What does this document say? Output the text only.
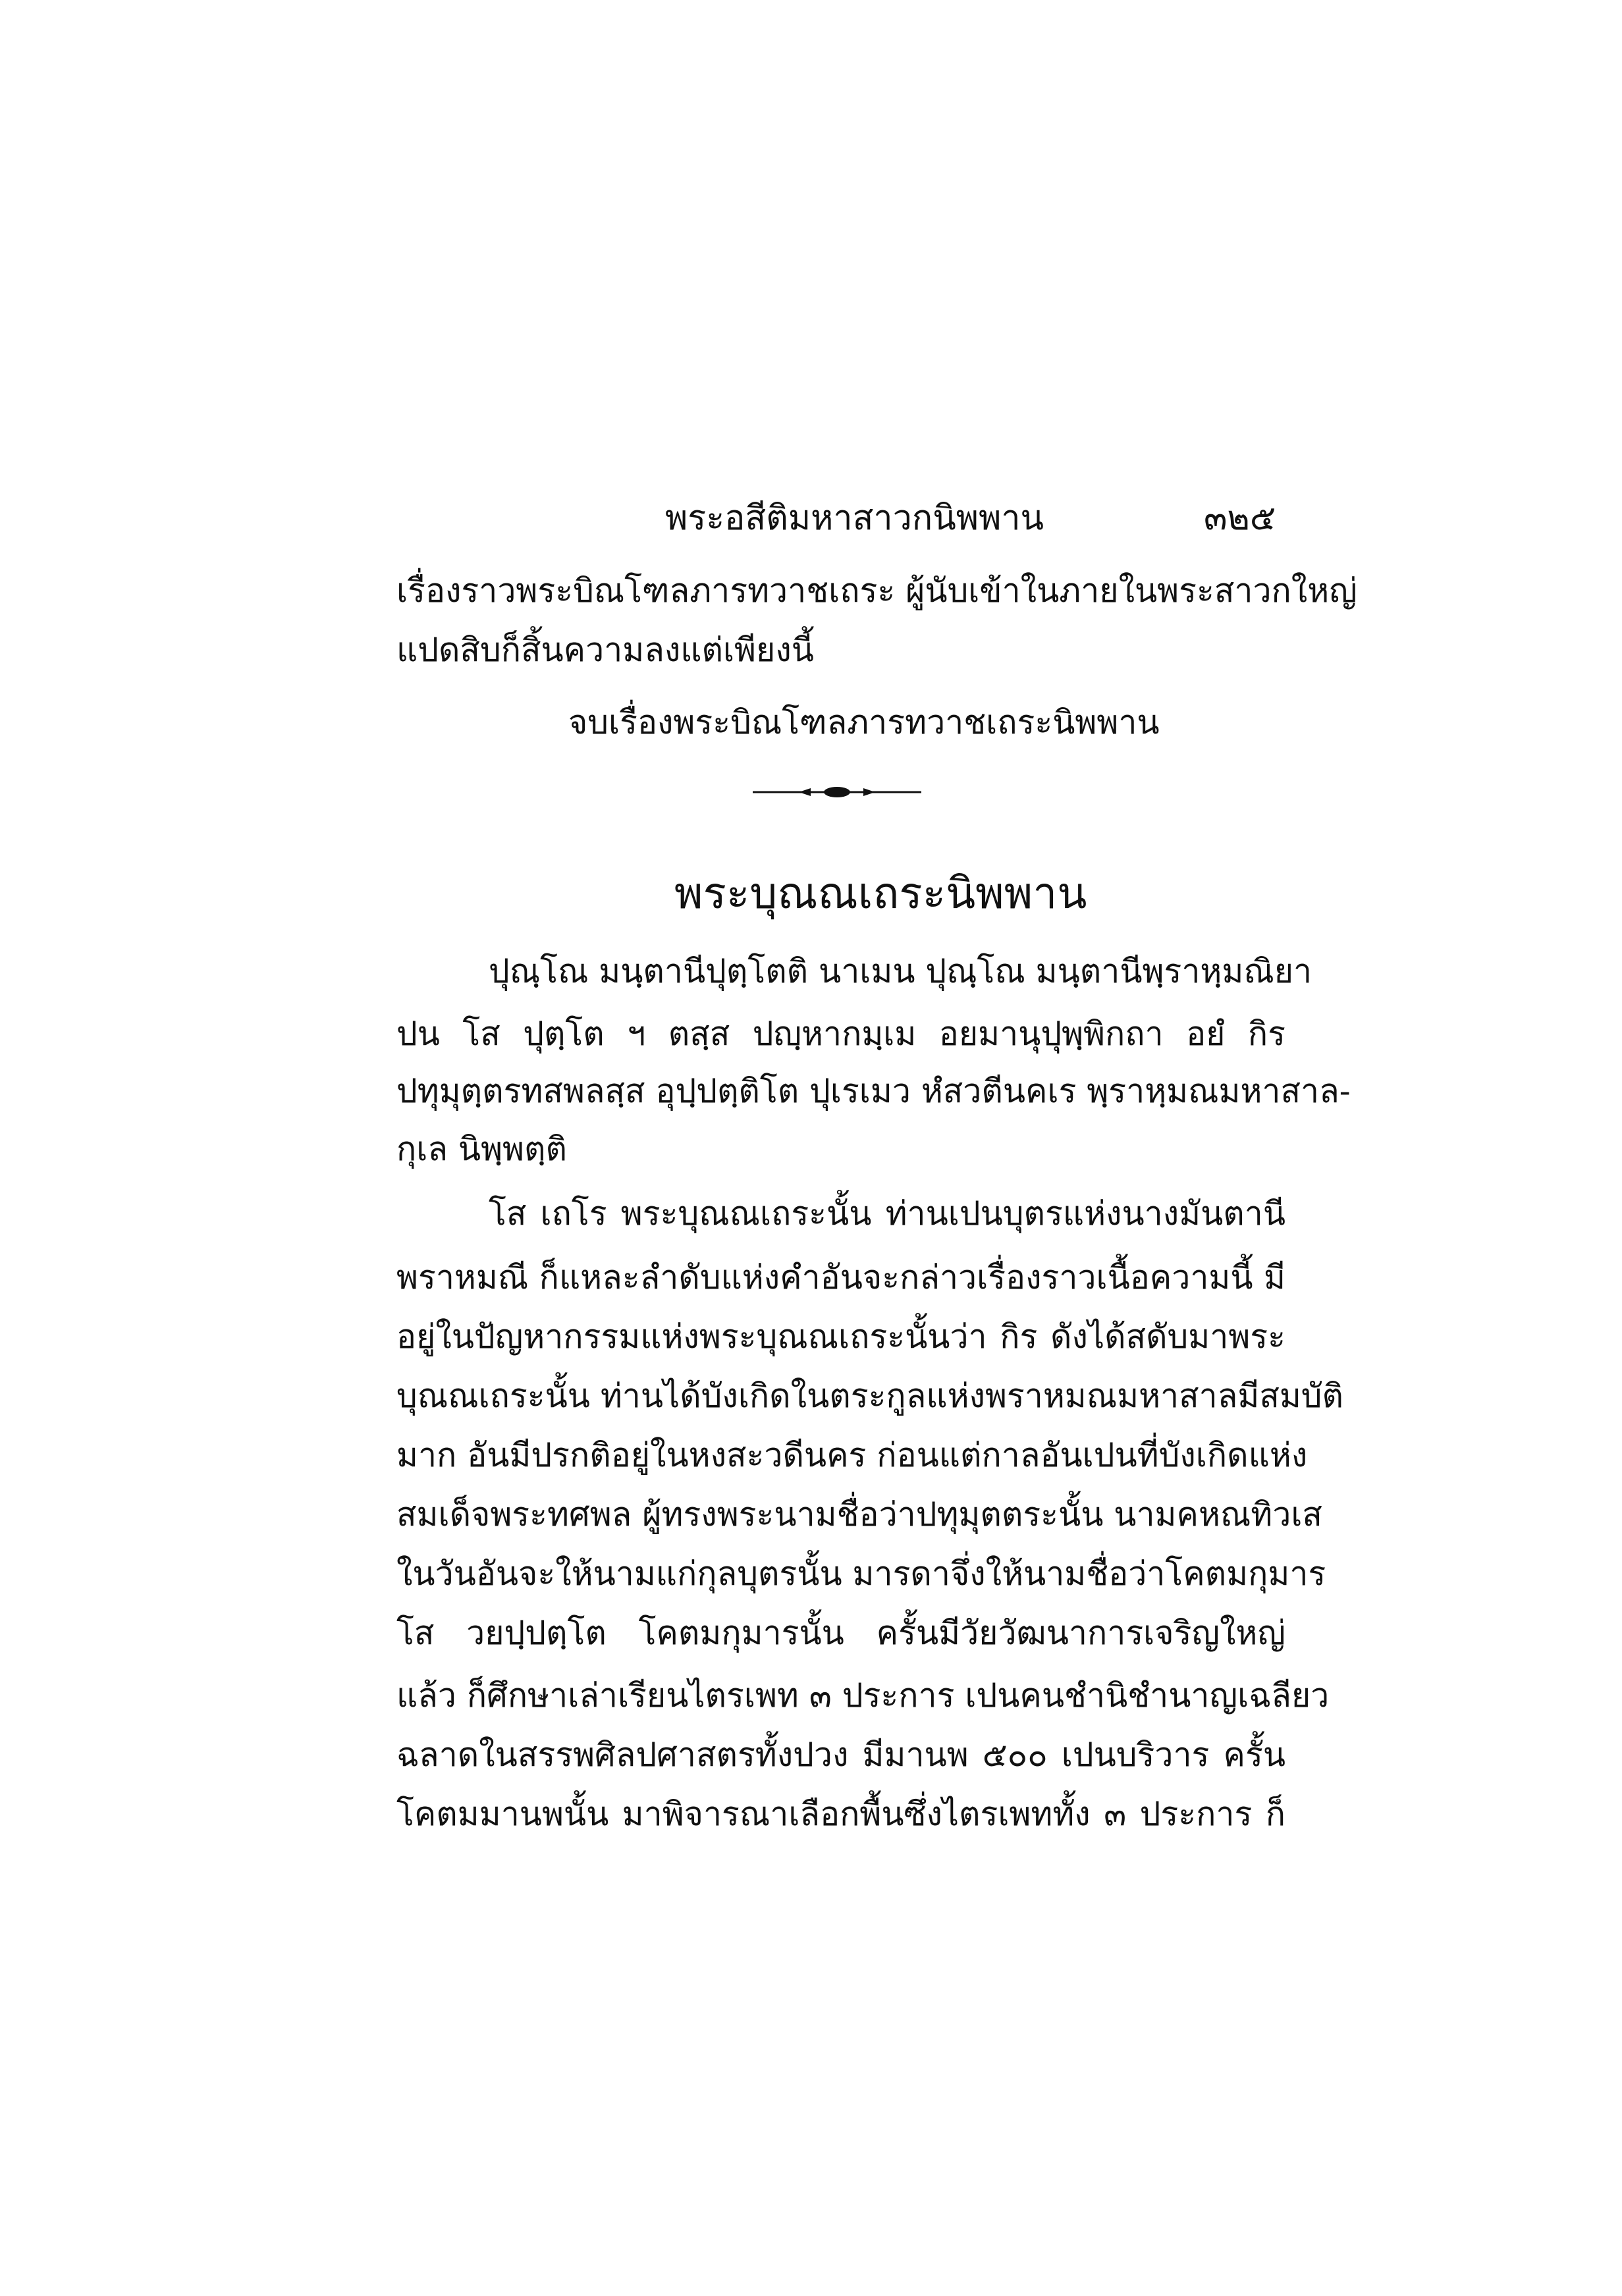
พระอสีติมหาสาวกนิพพาน	๓๒๕
เรื่องราวพระบิณโฑลภารทวาชเถระ ผู้นับเข้าในภายในพระสาวกใหญ่
แปดสิบก็สิ้นความลงแต่เพียงนี้
จบเรื่องพระบิณโฑลภารทวาชเถระนิพพาน
พระบุณณเถระนิพพาน
ปุณฺโณ มนฺตานีปุตฺโตติ นาเมน ปุณฺโณ มนฺตานีพฺราหฺมณิยา
ปน โส ปุตฺโต ฯ ตสฺส ปญฺหากมฺเม อยมานุปุพฺพิกถา อยํ กิร
ปทุมุตฺตรทสพลสฺส อุปฺปตฺติโต ปุเรเมว หํสวตีนคเร พฺราหฺมณมหาสาล-
กุเล นิพฺพตฺติ
โส เถโร พระบุณณเถระนั้น ท่านเปนบุตรแห่งนางมันตานี
พราหมณี ก็แหละลำดับแห่งคำอันจะกล่าวเรื่องราวเนื้อความนี้ มี
อยู่ในปัญหากรรมแห่งพระบุณณเถระนั้นว่า กิร ดังได้สดับมาพระ
บุณณเถระนั้น ท่านได้บังเกิดในตระกูลแห่งพราหมณมหาสาลมีสมบัติ
มาก อันมีปรกติอยู่ในหงสะวดีนคร ก่อนแต่กาลอันเปนที่บังเกิดแห่ง
สมเด็จพระทศพล ผู้ทรงพระนามชื่อว่าปทุมุตตระนั้น นามคหณทิวเส
ในวันอันจะให้นามแก่กุลบุตรนั้น มารดาจึ่งให้นามชื่อว่าโคตมกุมาร
โส วยปฺปตฺโต โคตมกุมารนั้น ครั้นมีวัยวัฒนาการเจริญใหญ่
แล้ว ก็ศึกษาเล่าเรียนไตรเพท ๓ ประการ เปนคนชำนิชำนาญเฉลียว
ฉลาดในสรรพศิลปศาสตรทั้งปวง มีมานพ ๕๐๐ เปนบริวาร ครั้น
โคตมมานพนั้น มาพิจารณาเลือกพื้นซึ่งไตรเพททั้ง ๓ ประการ ก็
